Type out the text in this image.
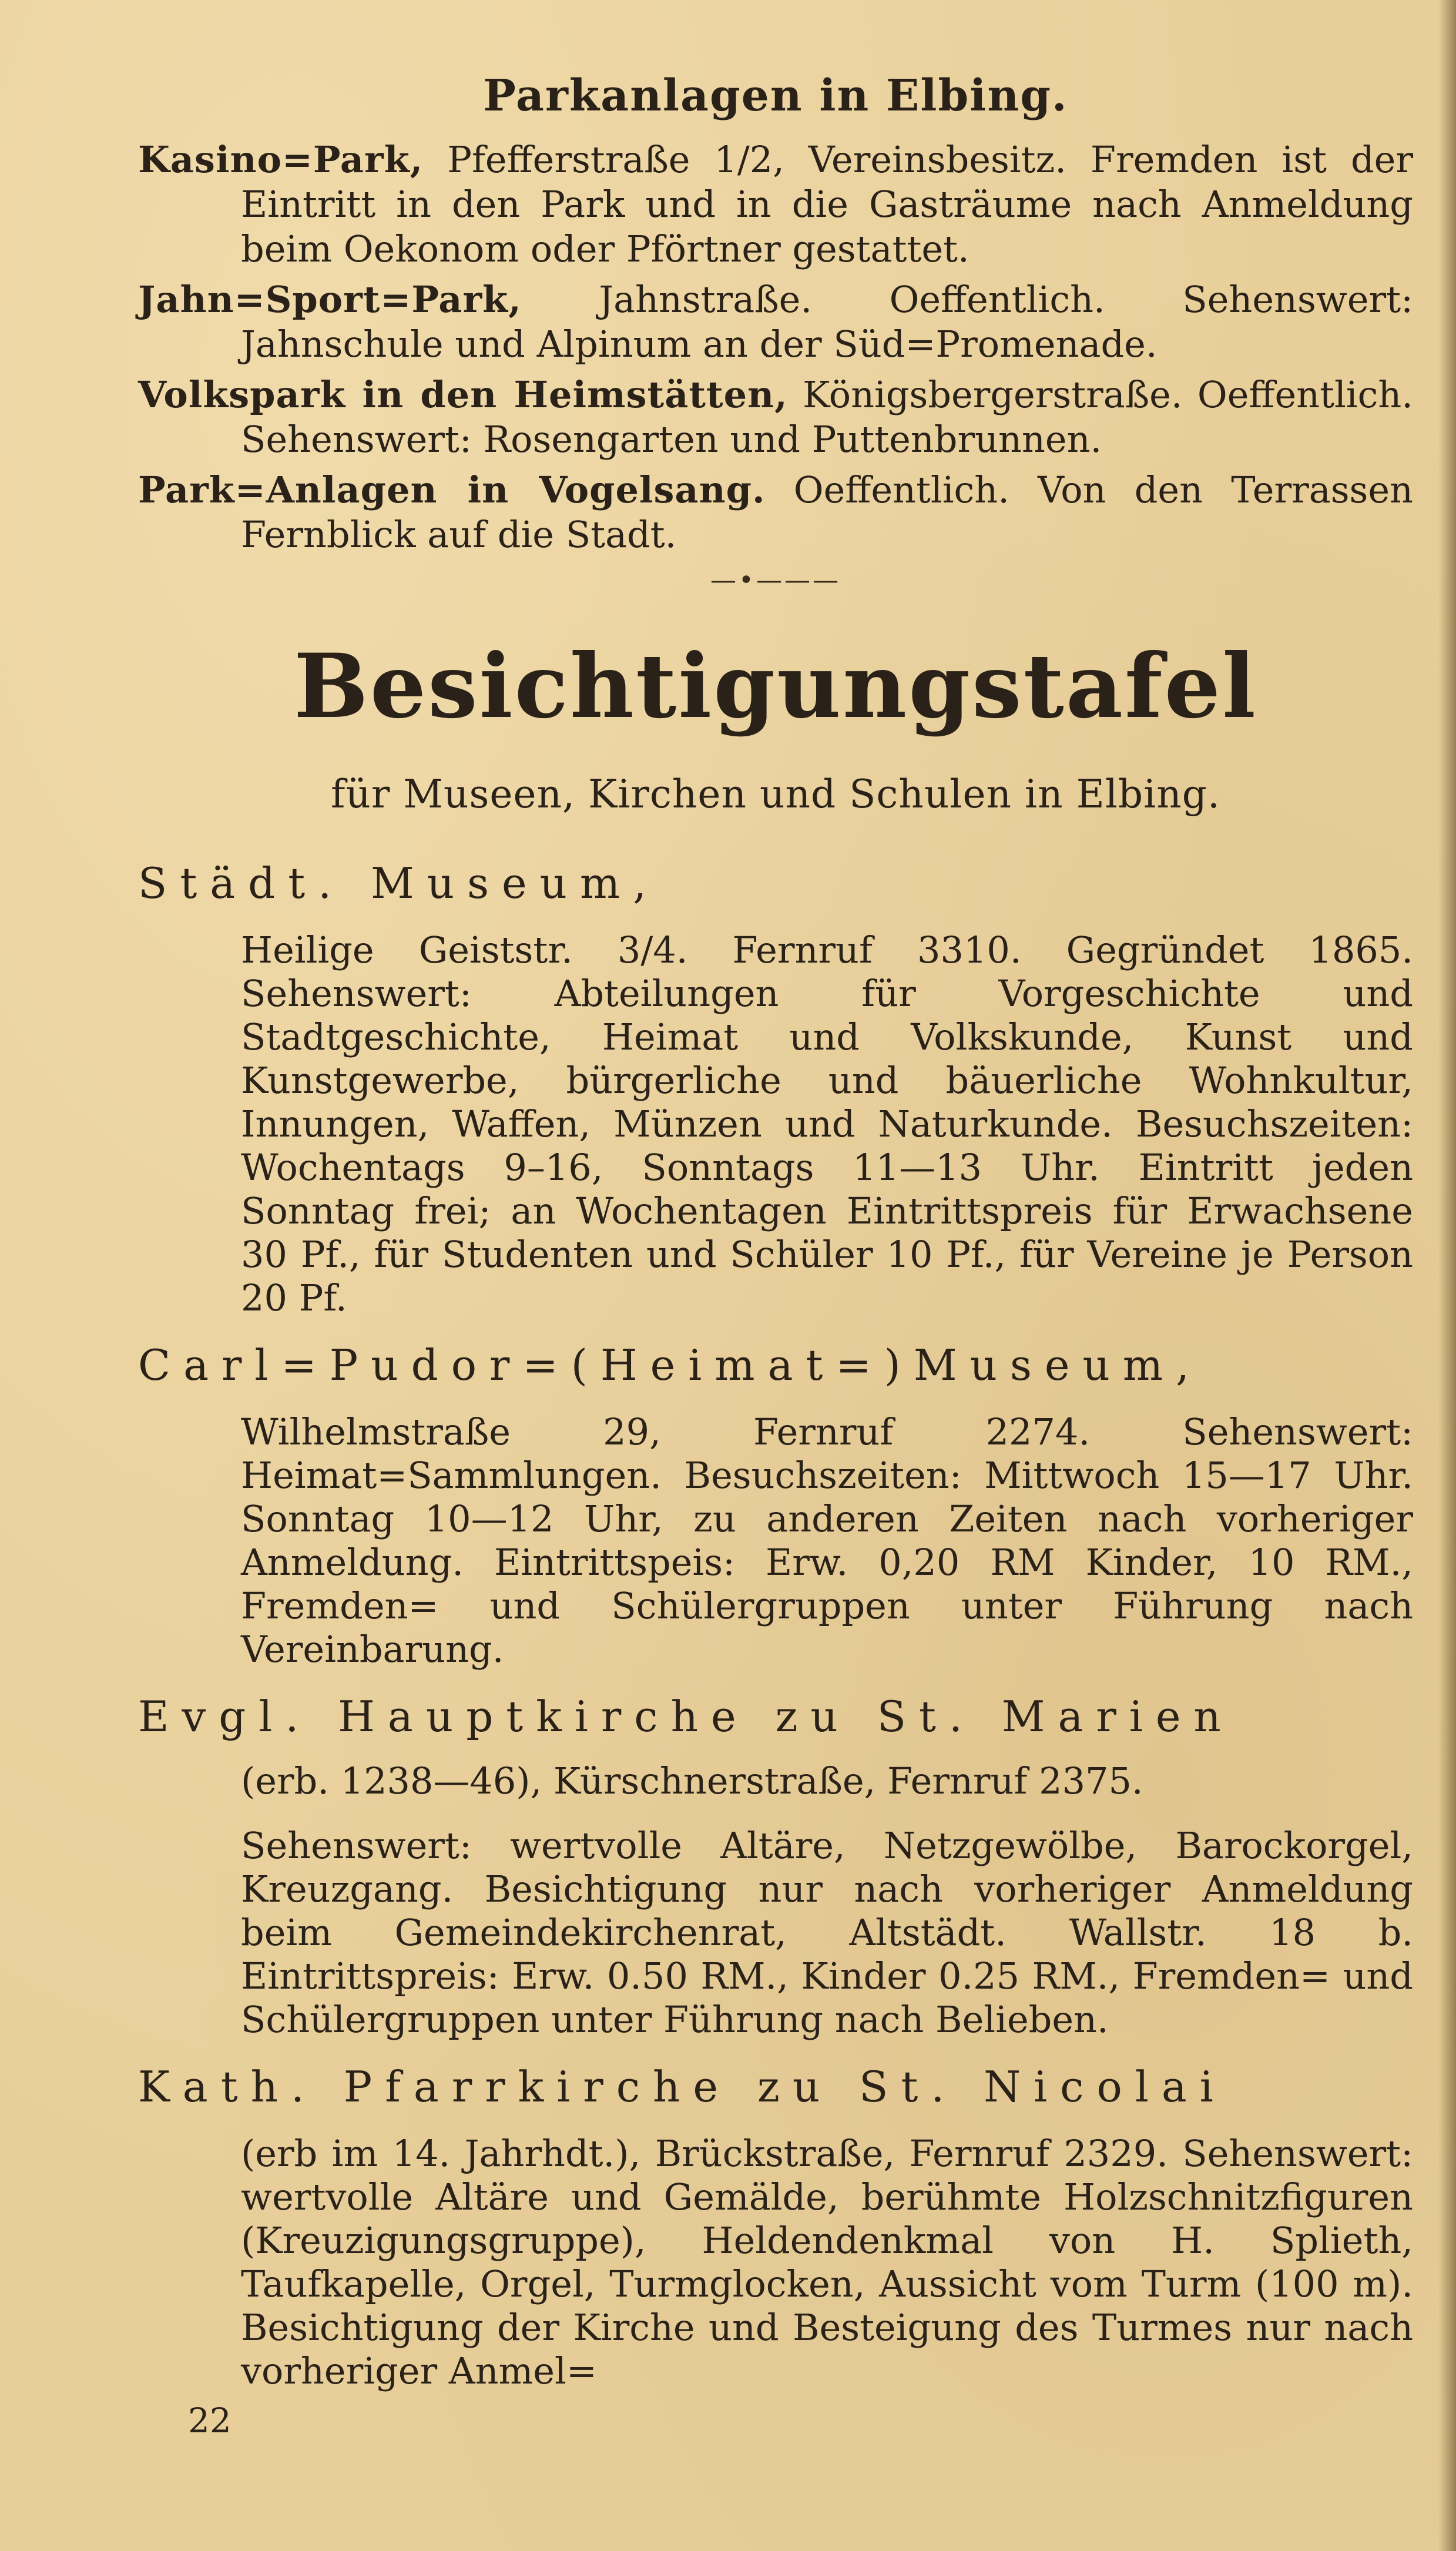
Parkanlagen in Elbing.

Kasino=Park, Pfefferstraße 1/2, Vereinsbesitz. Fremden ist der Eintritt in den Park und in die Gasträume nach Anmeldung beim Oekonom oder Pförtner gestattet.

Jahn=Sport=Park, Jahnstraße. Oeffentlich. Sehenswert: Jahnschule und Alpinum an der Süd=Promenade.

Volkspark in den Heimstätten, Königsbergerstraße. Oeffentlich. Sehenswert: Rosengarten und Puttenbrunnen.

Park=Anlagen in Vogelsang. Oeffentlich. Von den Terrassen Fernblick auf die Stadt.

—•———
Besichtigungstafel
für Museen, Kirchen und Schulen in Elbing.
Städt. Museum,
Heilige Geiststr. 3/4. Fernruf 3310. Gegründet 1865. Sehenswert: Abteilungen für Vorgeschichte und Stadtgeschichte, Heimat und Volkskunde, Kunst und Kunstgewerbe, bürgerliche und bäuerliche Wohnkultur, Innungen, Waffen, Münzen und Naturkunde. Besuchszeiten: Wochentags 9–16, Sonntags 11—13 Uhr. Eintritt jeden Sonntag frei; an Wochentagen Eintrittspreis für Erwachsene 30 Pf., für Studenten und Schüler 10 Pf., für Vereine je Person 20 Pf.
Carl=Pudor=(Heimat=)Museum,
Wilhelmstraße 29, Fernruf 2274. Sehenswert: Heimat=Sammlungen. Besuchszeiten: Mittwoch 15—17 Uhr. Sonntag 10—12 Uhr, zu anderen Zeiten nach vorheriger Anmeldung. Eintrittspeis: Erw. 0,20 RM Kinder, 10 RM., Fremden= und Schülergruppen unter Führung nach Vereinbarung.
Evgl. Hauptkirche zu St. Marien
(erb. 1238—46), Kürschnerstraße, Fernruf 2375.
Sehenswert: wertvolle Altäre, Netzgewölbe, Barockorgel, Kreuzgang. Besichtigung nur nach vorheriger Anmeldung beim Gemeindekirchenrat, Altstädt. Wallstr. 18 b. Eintrittspreis: Erw. 0.50 RM., Kinder 0.25 RM., Fremden= und Schülergruppen unter Führung nach Belieben.
Kath. Pfarrkirche zu St. Nicolai
(erb im 14. Jahrhdt.), Brückstraße, Fernruf 2329. Sehenswert: wertvolle Altäre und Gemälde, berühmte Holzschnitzfiguren (Kreuzigungsgruppe), Heldendenkmal von H. Splieth, Taufkapelle, Orgel, Turmglocken, Aussicht vom Turm (100 m). Besichtigung der Kirche und Besteigung des Turmes nur nach vorheriger Anmel=
22
